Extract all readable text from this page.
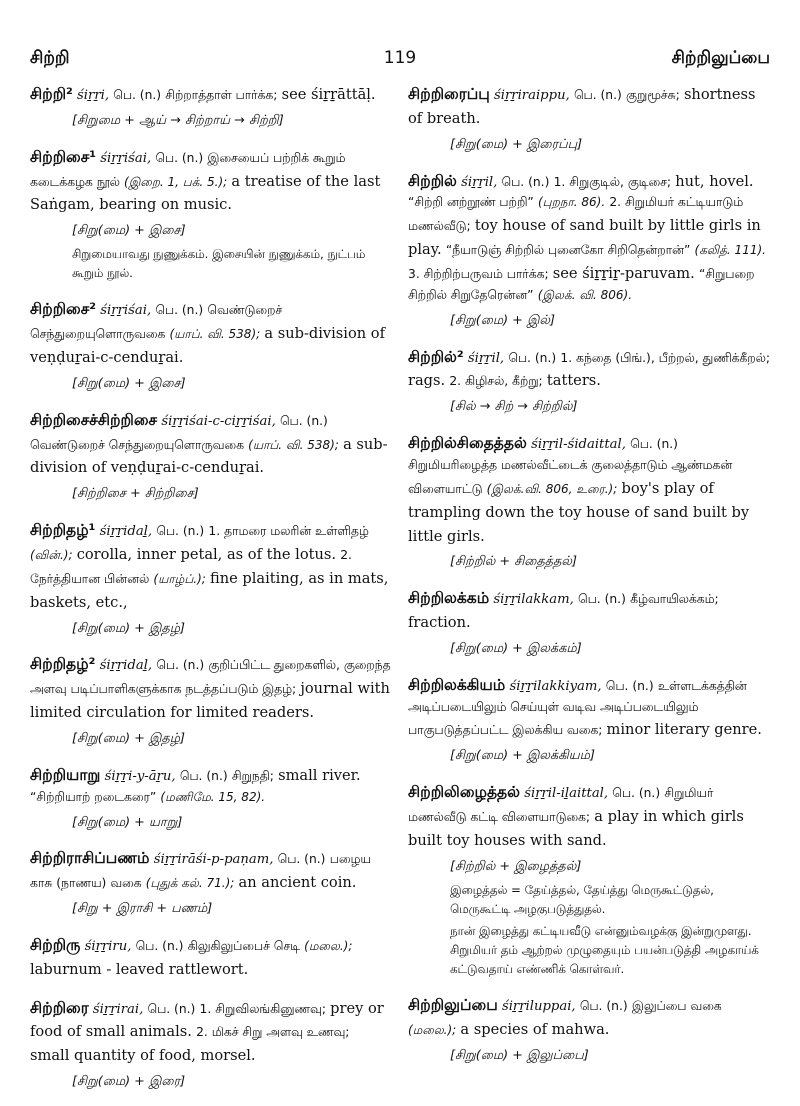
சிற்றி	119	சிற்றிலுப்பை

சிற்றி² śiṟṟi, பெ. (n.) சிற்றாத்தாள் பார்க்க; see śiṟṟāttāḷ.

[சிறுமை + ஆய் → சிற்றாய் → சிற்றி]

சிற்றிசை¹ śiṟṟiśai, பெ. (n.) இசையைப் பற்றிக் கூறும் கடைக்கழக நூல் (இறை. 1, பக். 5.); a treatise of the last Saṅgam, bearing on music.

[சிறு(மை) + இசை]
சிறுமையாவது நுணுக்கம். இசையின் நுணுக்கம், நுட்பம் கூறும் நூல்.

சிற்றிசை² śiṟṟiśai, பெ. (n.) வெண்டுறைச் செந்துறையுளொருவகை (யாப். வி. 538); a sub-division of veṇḍuṟai-c-cenduṟai.

[சிறு(மை) + இசை]

சிற்றிசைச்சிற்றிசை śiṟṟiśai-c-ciṟṟiśai, பெ. (n.) வெண்டுறைச் செந்துறையுளொருவகை (யாப். வி. 538); a sub-division of veṇḍuṟai-c-cenduṟai.

[சிற்றிசை + சிற்றிசை]

சிற்றிதழ்¹ śiṟṟidaḻ, பெ. (n.) 1. தாமரை மலரின் உள்ளிதழ் (வின்.); corolla, inner petal, as of the lotus. 2. நேர்த்தியான பின்னல் (யாழ்ப்.); fine plaiting, as in mats, baskets, etc.,

[சிறு(மை) + இதழ்]

சிற்றிதழ்² śiṟṟidaḻ, பெ. (n.) குறிப்பிட்ட துறைகளில், குறைந்த அளவு படிப்பாளிகளுக்காக நடத்தப்படும் இதழ்; journal with limited circulation for limited readers.

[சிறு(மை) + இதழ்]

சிற்றியாறு śiṟṟi-y-āṟu, பெ. (n.) சிறுநதி; small river. “சிற்றியாற் றடைகரை” (மணிமே. 15, 82).

[சிறு(மை) + யாறு]

சிற்றிராசிப்பணம் śiṟṟirāśi-p-paṇam, பெ. (n.) பழைய காசு (நாணய) வகை (புதுக் கல். 71.); an ancient coin.

[சிறு + இராசி + பணம்]

சிற்றிரு śiṟṟiru, பெ. (n.) கிலுகிலுப்பைச் செடி (மலை.); laburnum - leaved rattlewort.

சிற்றிரை śiṟṟirai, பெ. (n.) 1. சிறுவிலங்கினுணவு; prey or food of small animals. 2. மிகச் சிறு அளவு உணவு; small quantity of food, morsel.

[சிறு(மை) + இரை]

சிற்றிரைப்பு śiṟṟiraippu, பெ. (n.) குறுமூச்சு; shortness of breath.

[சிறு(மை) + இரைப்பு]

சிற்றில் śiṟṟil, பெ. (n.) 1. சிறுகுடில், குடிசை; hut, hovel. “சிற்றி னற்றூண் பற்றி” (புறநா. 86). 2. சிறுமியர் கட்டியாடும் மணல்வீடு; toy house of sand built by little girls in play. “நீயாடுஞ் சிற்றில் புனைகோ சிறிதென்றான்” (கலித். 111). 3. சிற்றிற்பருவம் பார்க்க; see śiṟṟiṟ-paruvam. “சிறுபறை சிற்றில் சிறுதேரென்ன” (இலக். வி. 806).

[சிறு(மை) + இல்]

சிற்றில்² śiṟṟil, பெ. (n.) 1. கந்தை (பிங்.), பீற்றல், துணிக்கீறல்; rags. 2. கிழிசல், கீற்று; tatters.

[சில் → சிற் → சிற்றில்]

சிற்றில்சிதைத்தல் śiṟṟil-śidaittal, பெ. (n.) சிறுமியரிழைத்த மணல்வீட்டைக் குலைத்தாடும் ஆண்மகன் விளையாட்டு (இலக்.வி. 806, உரை.); boy's play of trampling down the toy house of sand built by little girls.

[சிற்றில் + சிதைத்தல்]

சிற்றிலக்கம் śiṟṟilakkam, பெ. (n.) கீழ்வாயிலக்கம்; fraction.

[சிறு(மை) + இலக்கம்]

சிற்றிலக்கியம் śiṟṟilakkiyam, பெ. (n.) உள்ளடக்கத்தின் அடிப்படையிலும் செய்யுள் வடிவ அடிப்படையிலும் பாகுபடுத்தப்பட்ட இலக்கிய வகை; minor literary genre.

[சிறு(மை) + இலக்கியம்]

சிற்றிலிழைத்தல் śiṟṟil-iḻaittal, பெ. (n.) சிறுமியர் மணல்வீடு கட்டி விளையாடுகை; a play in which girls built toy houses with sand.

[சிற்றில் + இழைத்தல்]
இழைத்தல் = தேய்த்தல், தேய்த்து மெருகூட்டுதல், மெருகூட்டி அழகுபடுத்துதல்.
நான் இழைத்து கட்டியவீடு என்னும்வழக்கு இன்றுமுளது. சிறுமியர் தம் ஆற்றல் முழுதையும் பயன்படுத்தி அழகாய்க் கட்டுவதாய் எண்ணிக் கொள்வர்.

சிற்றிலுப்பை śiṟṟiluppai, பெ. (n.) இலுப்பை வகை (மலை.); a species of mahwa.

[சிறு(மை) + இலுப்பை]
